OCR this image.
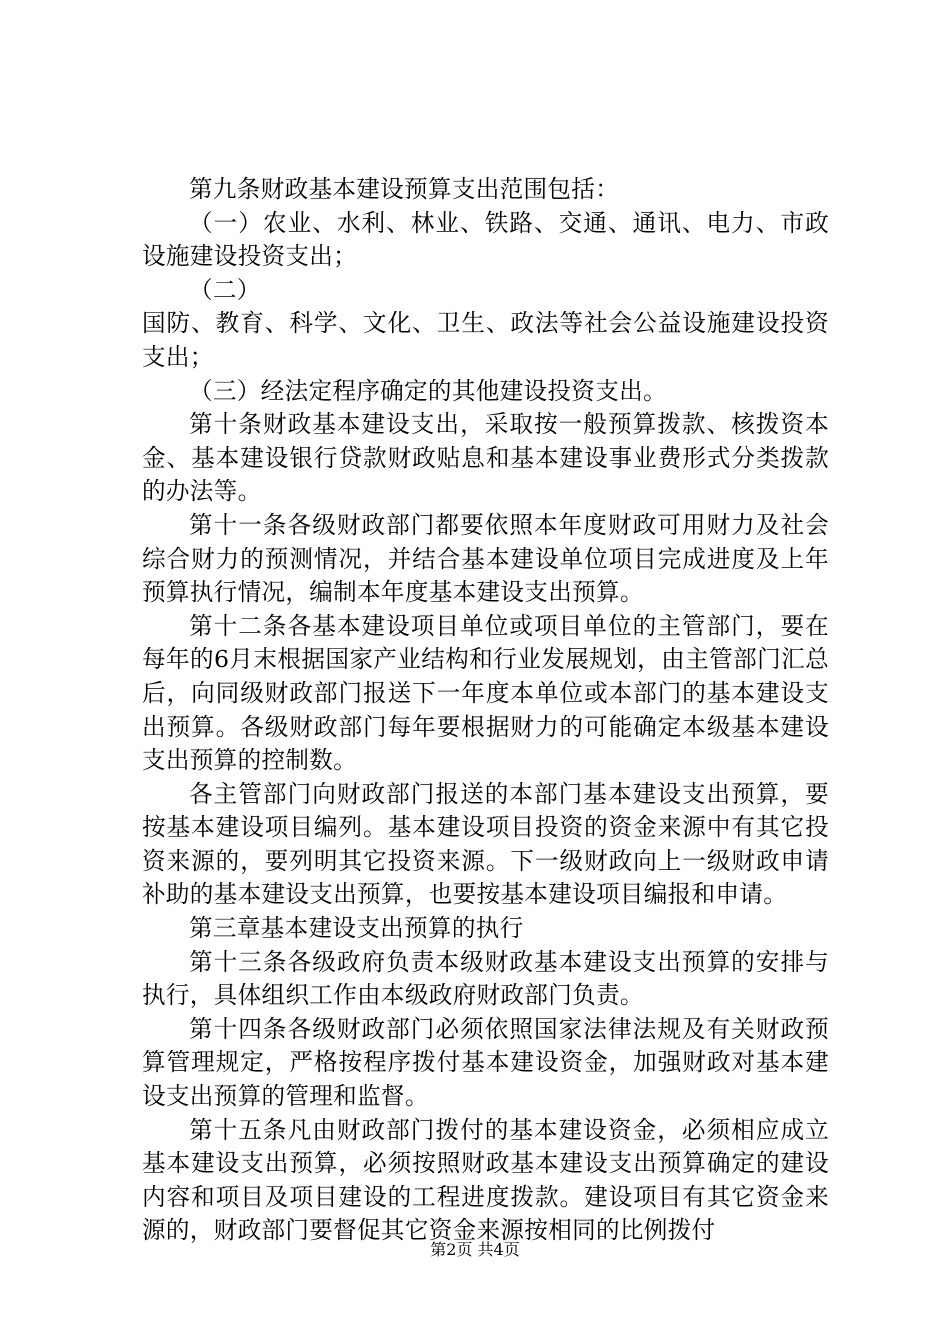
第九条财政基本建设预算支出范围包括：

（一）农业、水利、林业、铁路、交通、通讯、电力、市政设施建设投资支出；

（二）

国防、教育、科学、文化、卫生、政法等社会公益设施建设投资支出；

（三）经法定程序确定的其他建设投资支出。

第十条财政基本建设支出，采取按一般预算拨款、核拨资本金、基本建设银行贷款财政贴息和基本建设事业费形式分类拨款的办法等。

第十一条各级财政部门都要依照本年度财政可用财力及社会综合财力的预测情况，并结合基本建设单位项目完成进度及上年预算执行情况，编制本年度基本建设支出预算。

第十二条各基本建设项目单位或项目单位的主管部门，要在每年的6月末根据国家产业结构和行业发展规划，由主管部门汇总后，向同级财政部门报送下一年度本单位或本部门的基本建设支出预算。各级财政部门每年要根据财力的可能确定本级基本建设支出预算的控制数。

各主管部门向财政部门报送的本部门基本建设支出预算，要按基本建设项目编列。基本建设项目投资的资金来源中有其它投资来源的，要列明其它投资来源。下一级财政向上一级财政申请补助的基本建设支出预算，也要按基本建设项目编报和申请。

第三章基本建设支出预算的执行

第十三条各级政府负责本级财政基本建设支出预算的安排与执行，具体组织工作由本级政府财政部门负责。

第十四条各级财政部门必须依照国家法律法规及有关财政预算管理规定，严格按程序拨付基本建设资金，加强财政对基本建设支出预算的管理和监督。

第十五条凡由财政部门拨付的基本建设资金，必须相应成立基本建设支出预算，必须按照财政基本建设支出预算确定的建设内容和项目及项目建设的工程进度拨款。建设项目有其它资金来源的，财政部门要督促其它资金来源按相同的比例拨付

第2页 共4页
